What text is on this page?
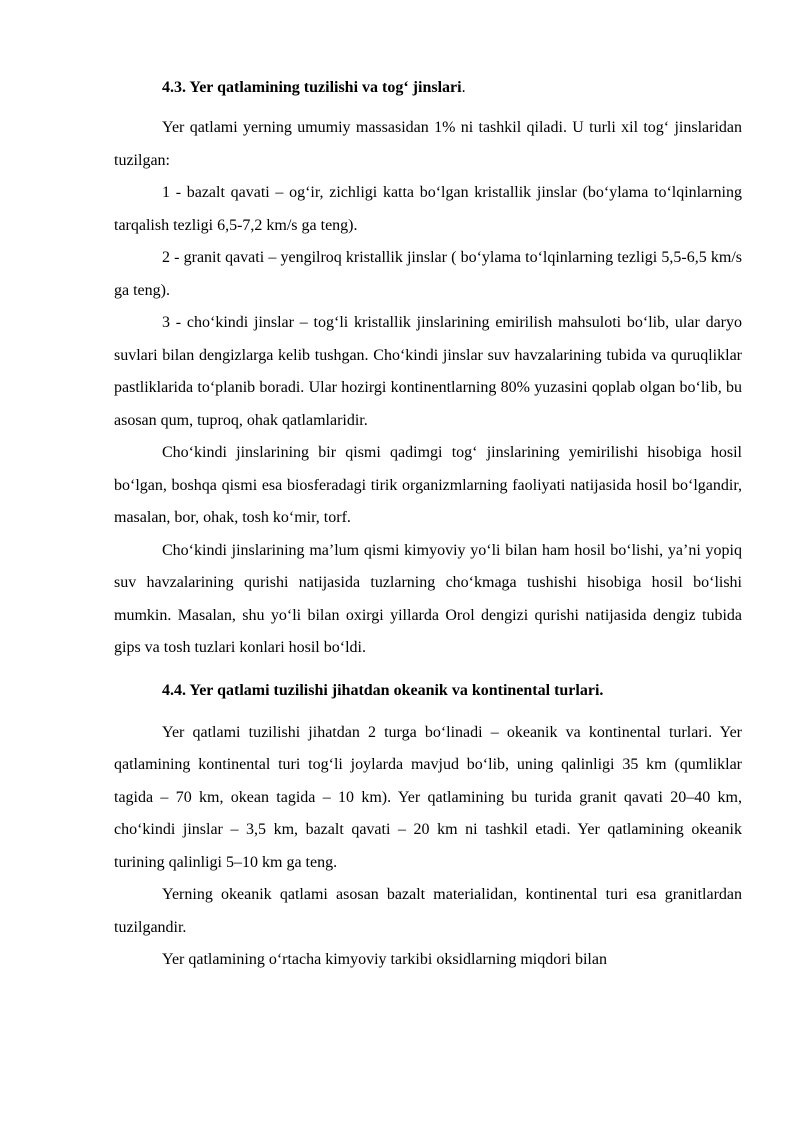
4.3. Yer qatlamining tuzilishi va tog‘ jinslari.

Yer qatlami yerning umumiy massasidan 1% ni tashkil qiladi. U turli xil tog‘ jinslaridan tuzilgan:

1 - bazalt qavati – og‘ir, zichligi katta bo‘lgan kristallik jinslar (bo‘ylama to‘lqinlarning tarqalish tezligi 6,5-7,2 km/s ga teng).

2 - granit qavati – yengilroq kristallik jinslar ( bo‘ylama to‘lqinlarning tezligi 5,5-6,5 km/s ga teng).

3 - cho‘kindi jinslar – tog‘li kristallik jinslarining emirilish mahsuloti bo‘lib, ular daryo suvlari bilan dengizlarga kelib tushgan. Cho‘kindi jinslar suv havzalarining tubida va quruqliklar pastliklarida to‘planib boradi. Ular hozirgi kontinentlarning 80% yuzasini qoplab olgan bo‘lib, bu asosan qum, tuproq, ohak qatlamlaridir.

Cho‘kindi jinslarining bir qismi qadimgi tog‘ jinslarining yemirilishi hisobiga hosil bo‘lgan, boshqa qismi esa biosferadagi tirik organizmlarning faoliyati natijasida hosil bo‘lgandir, masalan, bor, ohak, tosh ko‘mir, torf.

Cho‘kindi jinslarining ma’lum qismi kimyoviy yo‘li bilan ham hosil bo‘lishi, ya’ni yopiq suv havzalarining qurishi natijasida tuzlarning cho‘kmaga tushishi hisobiga hosil bo‘lishi mumkin. Masalan, shu yo‘li bilan oxirgi yillarda Orol dengizi qurishi natijasida dengiz tubida gips va tosh tuzlari konlari hosil bo‘ldi.

4.4. Yer qatlami tuzilishi jihatdan okeanik va kontinental turlari.

Yer qatlami tuzilishi jihatdan 2 turga bo‘linadi – okeanik va kontinental turlari. Yer qatlamining kontinental turi tog‘li joylarda mavjud bo‘lib, uning qalinligi 35 km (qumliklar tagida – 70 km, okean tagida – 10 km). Yer qatlamining bu turida granit qavati 20–40 km, cho‘kindi jinslar – 3,5 km, bazalt qavati – 20 km ni tashkil etadi. Yer qatlamining okeanik turining qalinligi 5–10 km ga teng.

Yerning okeanik qatlami asosan bazalt materialidan, kontinental turi esa granitlardan tuzilgandir.

Yer qatlamining o‘rtacha kimyoviy tarkibi oksidlarning miqdori bilan
